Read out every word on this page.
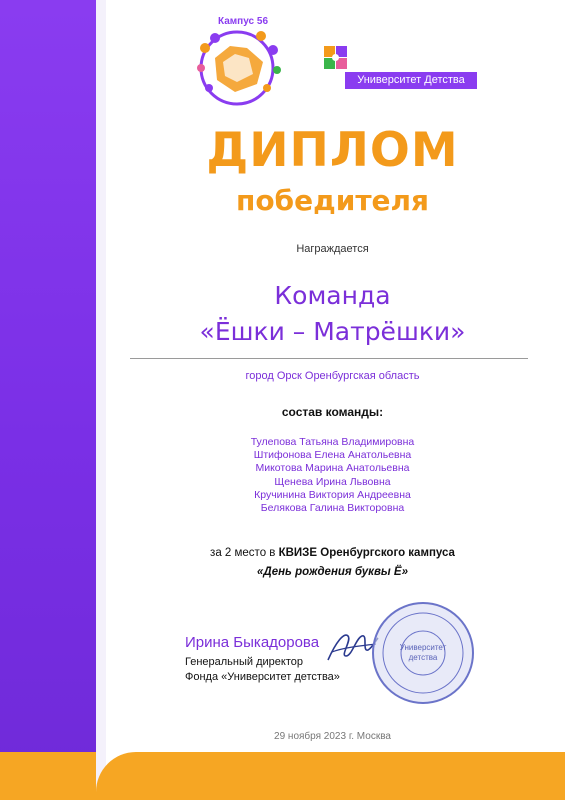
Кампус 56
Университет Детства
ДИПЛОМ
победителя
Награждается
Команда
«Ёшки – Матрёшки»
город Орск Оренбургская область
состав команды:
Тулепова Татьяна Владимировна
Штифонова Елена Анатольевна
Микотова Марина Анатольевна
Щенева Ирина Львовна
Кручинина Виктория Андреевна
Белякова Галина Викторовна
за 2 место в КВИЗЕ Оренбургского кампуса
«День рождения буквы Ё»
Ирина Быкадорова
Генеральный директор
Фонда «Университет детства»
Университет
детства
29 ноября 2023 г. Москва
